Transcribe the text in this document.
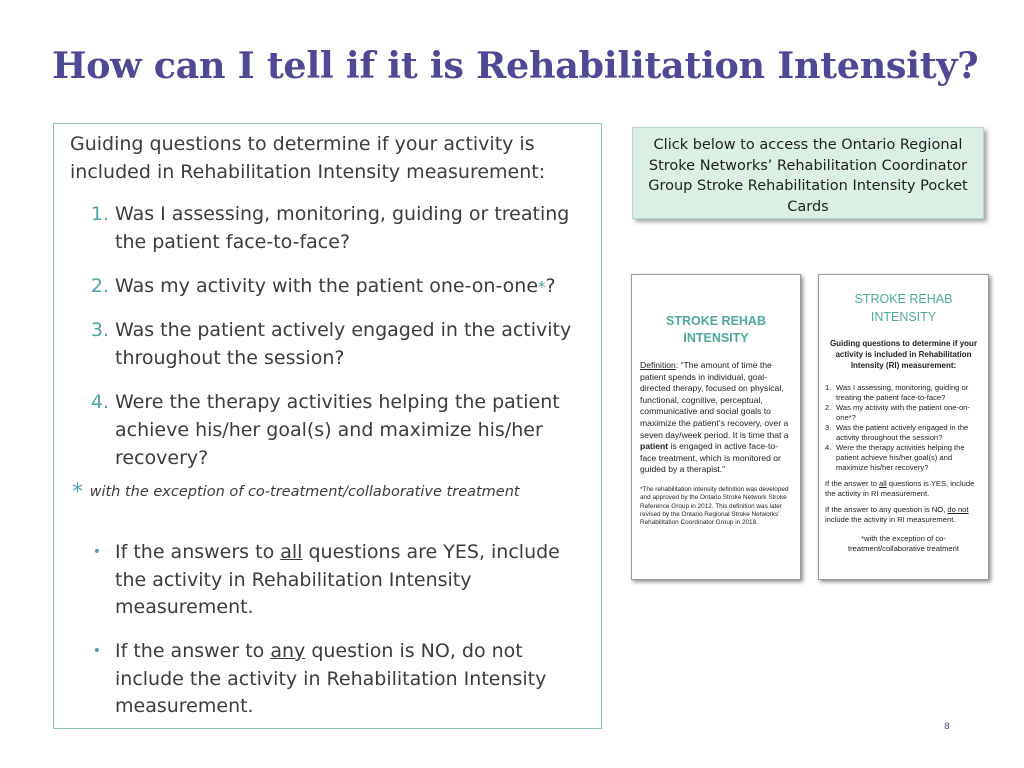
How can I tell if it is Rehabilitation Intensity?
Guiding questions to determine if your activity is included in Rehabilitation Intensity measurement:
1. Was I assessing, monitoring, guiding or treating the patient face-to-face?
2. Was my activity with the patient one-on-one*?
3. Was the patient actively engaged in the activity throughout the session?
4. Were the therapy activities helping the patient achieve his/her goal(s) and maximize his/her recovery?
* with the exception of co-treatment/collaborative treatment
• If the answers to all questions are YES, include the activity in Rehabilitation Intensity measurement.
• If the answer to any question is NO, do not include the activity in Rehabilitation Intensity measurement.
Click below to access the Ontario Regional Stroke Networks’ Rehabilitation Coordinator Group Stroke Rehabilitation Intensity Pocket Cards
STROKE REHAB
INTENSITY
Definition: “The amount of time the patient spends in individual, goal-directed therapy, focused on physical, functional, cognitive, perceptual, communicative and social goals to maximize the patient’s recovery, over a seven day/week period. It is time that a patient is engaged in active face-to-face treatment, which is monitored or guided by a therapist.”
*The rehabilitation intensity definition was developed and approved by the Ontario Stroke Network Stroke Reference Group in 2012. This definition was later revised by the Ontario Regional Stroke Networks’ Rehabilitation Coordinator Group in 2018.
STROKE REHAB
INTENSITY
Guiding questions to determine if your activity is included in Rehabilitation Intensity (RI) measurement:
1. Was I assessing, monitoring, guiding or treating the patient face-to-face?
2. Was my activity with the patient one-on-one*?
3. Was the patient actively engaged in the activity throughout the session?
4. Were the therapy activities helping the patient achieve his/her goal(s) and maximize his/her recovery?
If the answer to all questions is YES, include the activity in RI measurement.
If the answer to any question is NO, do not include the activity in RI measurement.
*with the exception of co-treatment/collaborative treatment
8
